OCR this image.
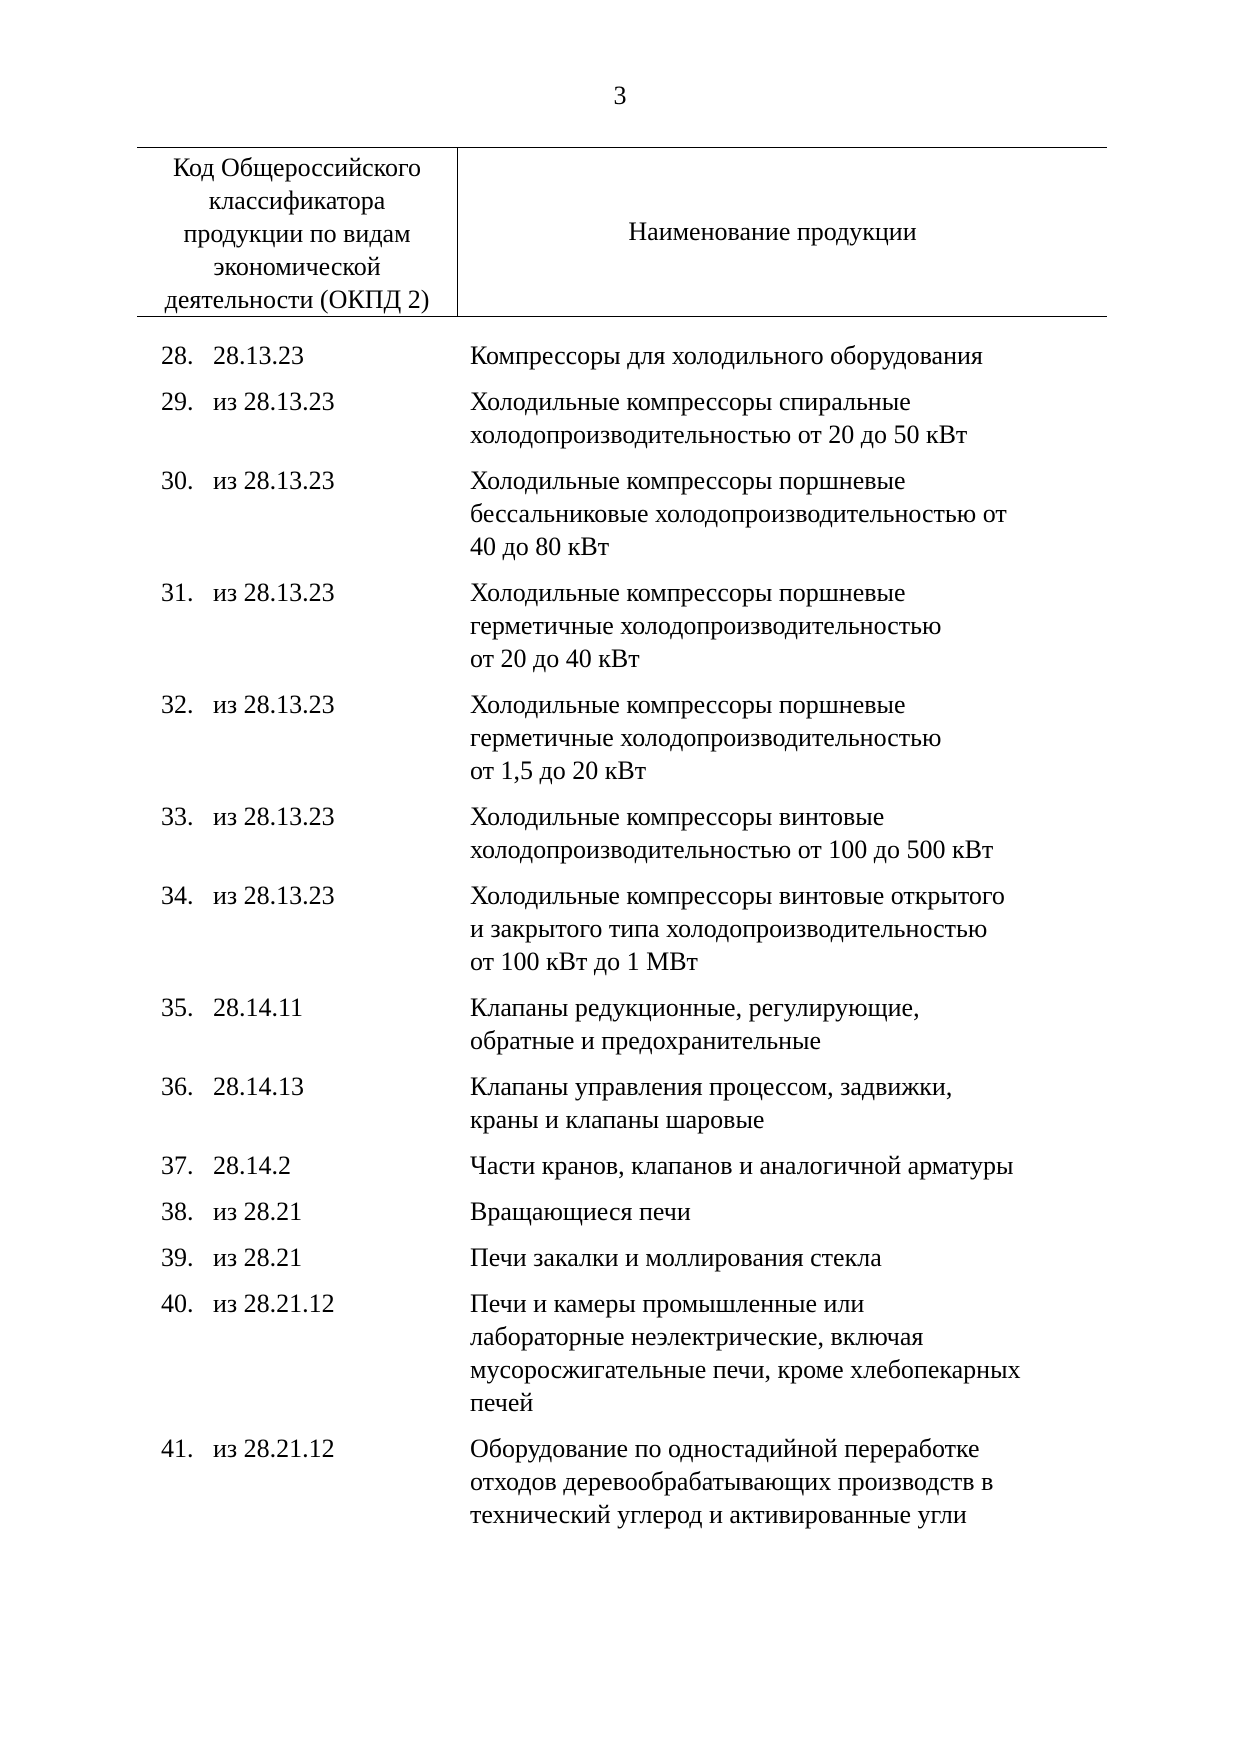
3
Код Общероссийского
классификатора
продукции по видам
экономической
деятельности (ОКПД 2)
Наименование продукции
28. 28.13.23	Компрессоры для холодильного оборудования
29. из 28.13.23	Холодильные компрессоры спиральные
холодопроизводительностью от 20 до 50 кВт
30. из 28.13.23	Холодильные компрессоры поршневые
бессальниковые холодопроизводительностью от
40 до 80 кВт
31. из 28.13.23	Холодильные компрессоры поршневые
герметичные холодопроизводительностью
от 20 до 40 кВт
32. из 28.13.23	Холодильные компрессоры поршневые
герметичные холодопроизводительностью
от 1,5 до 20 кВт
33. из 28.13.23	Холодильные компрессоры винтовые
холодопроизводительностью от 100 до 500 кВт
34. из 28.13.23	Холодильные компрессоры винтовые открытого
и закрытого типа холодопроизводительностью
от 100 кВт до 1 МВт
35. 28.14.11	Клапаны редукционные, регулирующие,
обратные и предохранительные
36. 28.14.13	Клапаны управления процессом, задвижки,
краны и клапаны шаровые
37. 28.14.2	Части кранов, клапанов и аналогичной арматуры
38. из 28.21	Вращающиеся печи
39. из 28.21	Печи закалки и моллирования стекла
40. из 28.21.12	Печи и камеры промышленные или
лабораторные неэлектрические, включая
мусоросжигательные печи, кроме хлебопекарных
печей
41. из 28.21.12	Оборудование по одностадийной переработке
отходов деревообрабатывающих производств в
технический углерод и активированные угли
